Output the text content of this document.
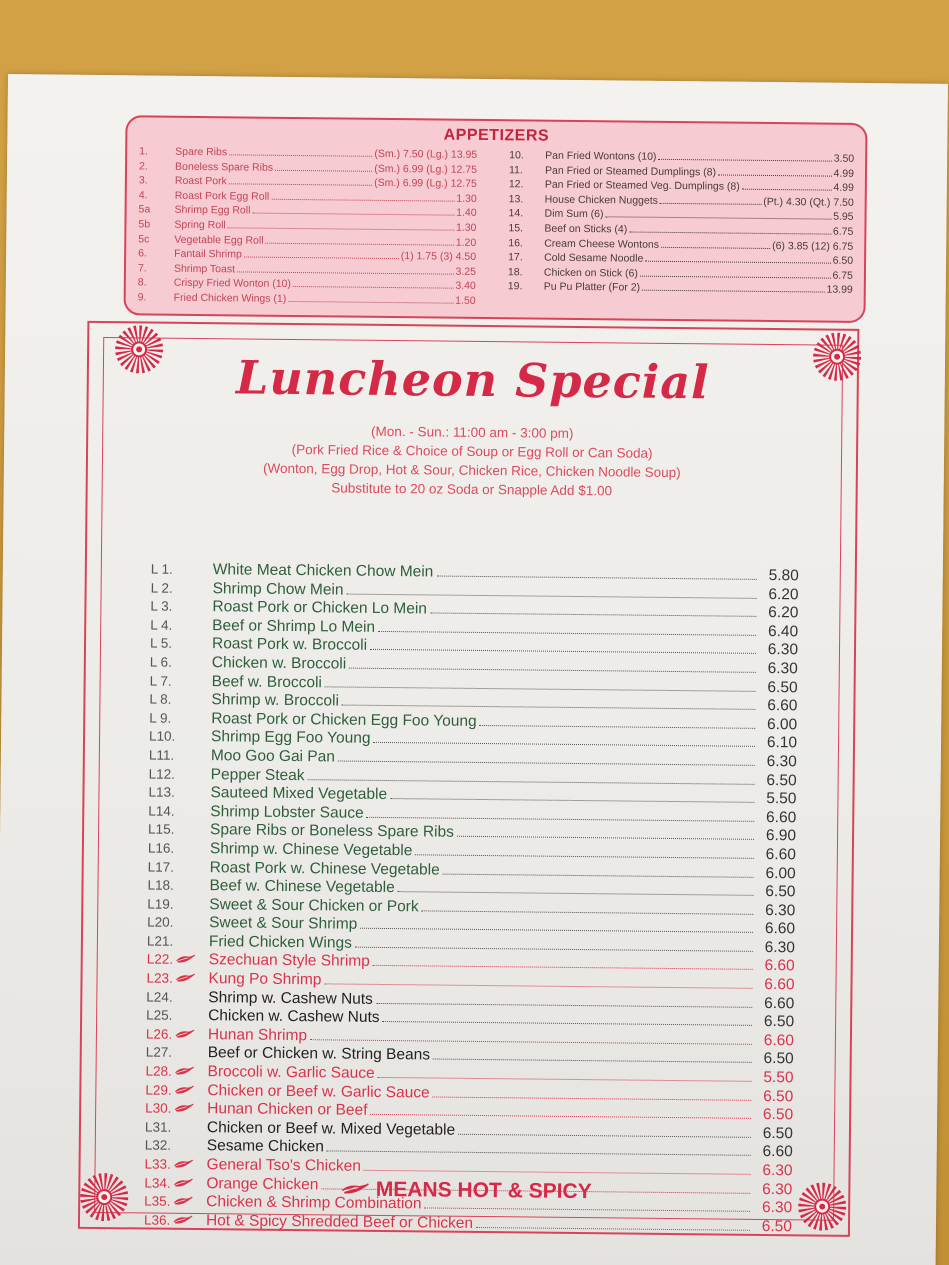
APPETIZERS
1.	Spare Ribs	(Sm.) 7.50 (Lg.) 13.95
2.	Boneless Spare Ribs	(Sm.) 6.99 (Lg.) 12.75
3.	Roast Pork	(Sm.) 6.99 (Lg.) 12.75
4.	Roast Pork Egg Roll	1.30
5a	Shrimp Egg Roll	1.40
5b	Spring Roll	1.30
5c	Vegetable Egg Roll	1.20
6.	Fantail Shrimp	(1) 1.75 (3) 4.50
7.	Shrimp Toast	3.25
8.	Crispy Fried Wonton (10)	3.40
9.	Fried Chicken Wings (1)	1.50
10.	Pan Fried Wontons (10)	3.50
11.	Pan Fried or Steamed Dumplings (8)	4.99
12.	Pan Fried or Steamed Veg. Dumplings (8)	4.99
13.	House Chicken Nuggets	(Pt.) 4.30 (Qt.) 7.50
14.	Dim Sum (6)	5.95
15.	Beef on Sticks (4)	6.75
16.	Cream Cheese Wontons	(6) 3.85 (12) 6.75
17.	Cold Sesame Noodle	6.50
18.	Chicken on Stick (6)	6.75
19.	Pu Pu Platter (For 2)	13.99
Luncheon Special
(Mon. - Sun.: 11:00 am - 3:00 pm)
(Pork Fried Rice & Choice of Soup or Egg Roll or Can Soda)
(Wonton, Egg Drop, Hot & Sour, Chicken Rice, Chicken Noodle Soup)
Substitute to 20 oz Soda or Snapple Add $1.00
L 1.	White Meat Chicken Chow Mein	5.80
L 2.	Shrimp Chow Mein	6.20
L 3.	Roast Pork or Chicken Lo Mein	6.20
L 4.	Beef or Shrimp Lo Mein	6.40
L 5.	Roast Pork w. Broccoli	6.30
L 6.	Chicken w. Broccoli	6.30
L 7.	Beef w. Broccoli	6.50
L 8.	Shrimp w. Broccoli	6.60
L 9.	Roast Pork or Chicken Egg Foo Young	6.00
L10. Shrimp Egg Foo Young	6.10
L11. Moo Goo Gai Pan	6.30
L12. Pepper Steak	6.50
L13. Sauteed Mixed Vegetable	5.50
L14. Shrimp Lobster Sauce	6.60
L15. Spare Ribs or Boneless Spare Ribs	6.90
L16. Shrimp w. Chinese Vegetable	6.60
L17. Roast Pork w. Chinese Vegetable	6.00
L18. Beef w. Chinese Vegetable	6.50
L19. Sweet & Sour Chicken or Pork	6.30
L20. Sweet & Sour Shrimp	6.60
L21. Fried Chicken Wings	6.30
L22. Szechuan Style Shrimp	6.60
L23. Kung Po Shrimp	6.60
L24. Shrimp w. Cashew Nuts	6.60
L25. Chicken w. Cashew Nuts	6.50
L26. Hunan Shrimp	6.60
L27. Beef or Chicken w. String Beans	6.50
L28. Broccoli w. Garlic Sauce	5.50
L29. Chicken or Beef w. Garlic Sauce	6.50
L30. Hunan Chicken or Beef	6.50
L31. Chicken or Beef w. Mixed Vegetable	6.50
L32. Sesame Chicken	6.60
L33. General Tso's Chicken	6.30
L34. Orange Chicken	6.30
L35. Chicken & Shrimp Combination	6.30
L36. Hot & Spicy Shredded Beef or Chicken	6.50
MEANS HOT & SPICY
